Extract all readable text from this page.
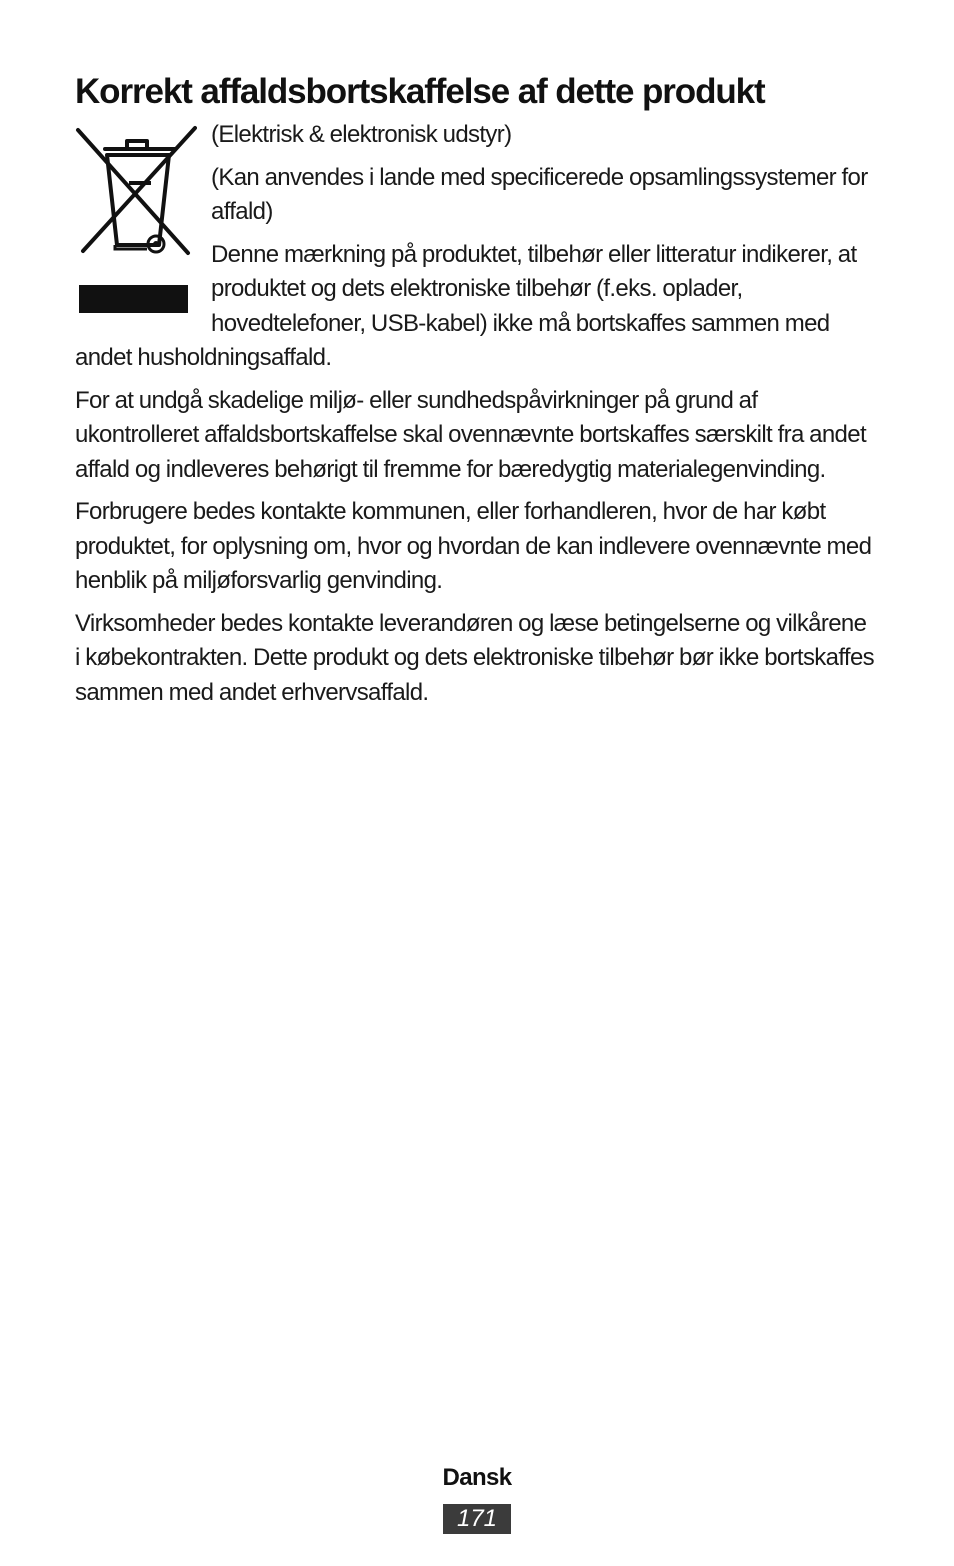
Korrekt affaldsbortskaffelse af dette produkt

(Elektrisk & elektronisk udstyr)

(Kan anvendes i lande med specificerede opsamlingssystemer for affald)

Denne mærkning på produktet, tilbehør eller litteratur indikerer, at produktet og dets elektroniske tilbehør (f.eks. oplader, hovedtelefoner, USB-kabel) ikke må bortskaffes sammen med andet husholdningsaffald.

For at undgå skadelige miljø- eller sundhedspåvirkninger på grund af ukontrolleret affaldsbortskaffelse skal ovennævnte bortskaffes særskilt fra andet affald og indleveres behørigt til fremme for bæredygtig materialegenvinding.

Forbrugere bedes kontakte kommunen, eller forhandleren, hvor de har købt produktet, for oplysning om, hvor og hvordan de kan indlevere ovennævnte med henblik på miljøforsvarlig genvinding.

Virksomheder bedes kontakte leverandøren og læse betingelserne og vilkårene i købekontrakten. Dette produkt og dets elektroniske tilbehør bør ikke bortskaffes sammen med andet erhvervsaffald.

Dansk
171
